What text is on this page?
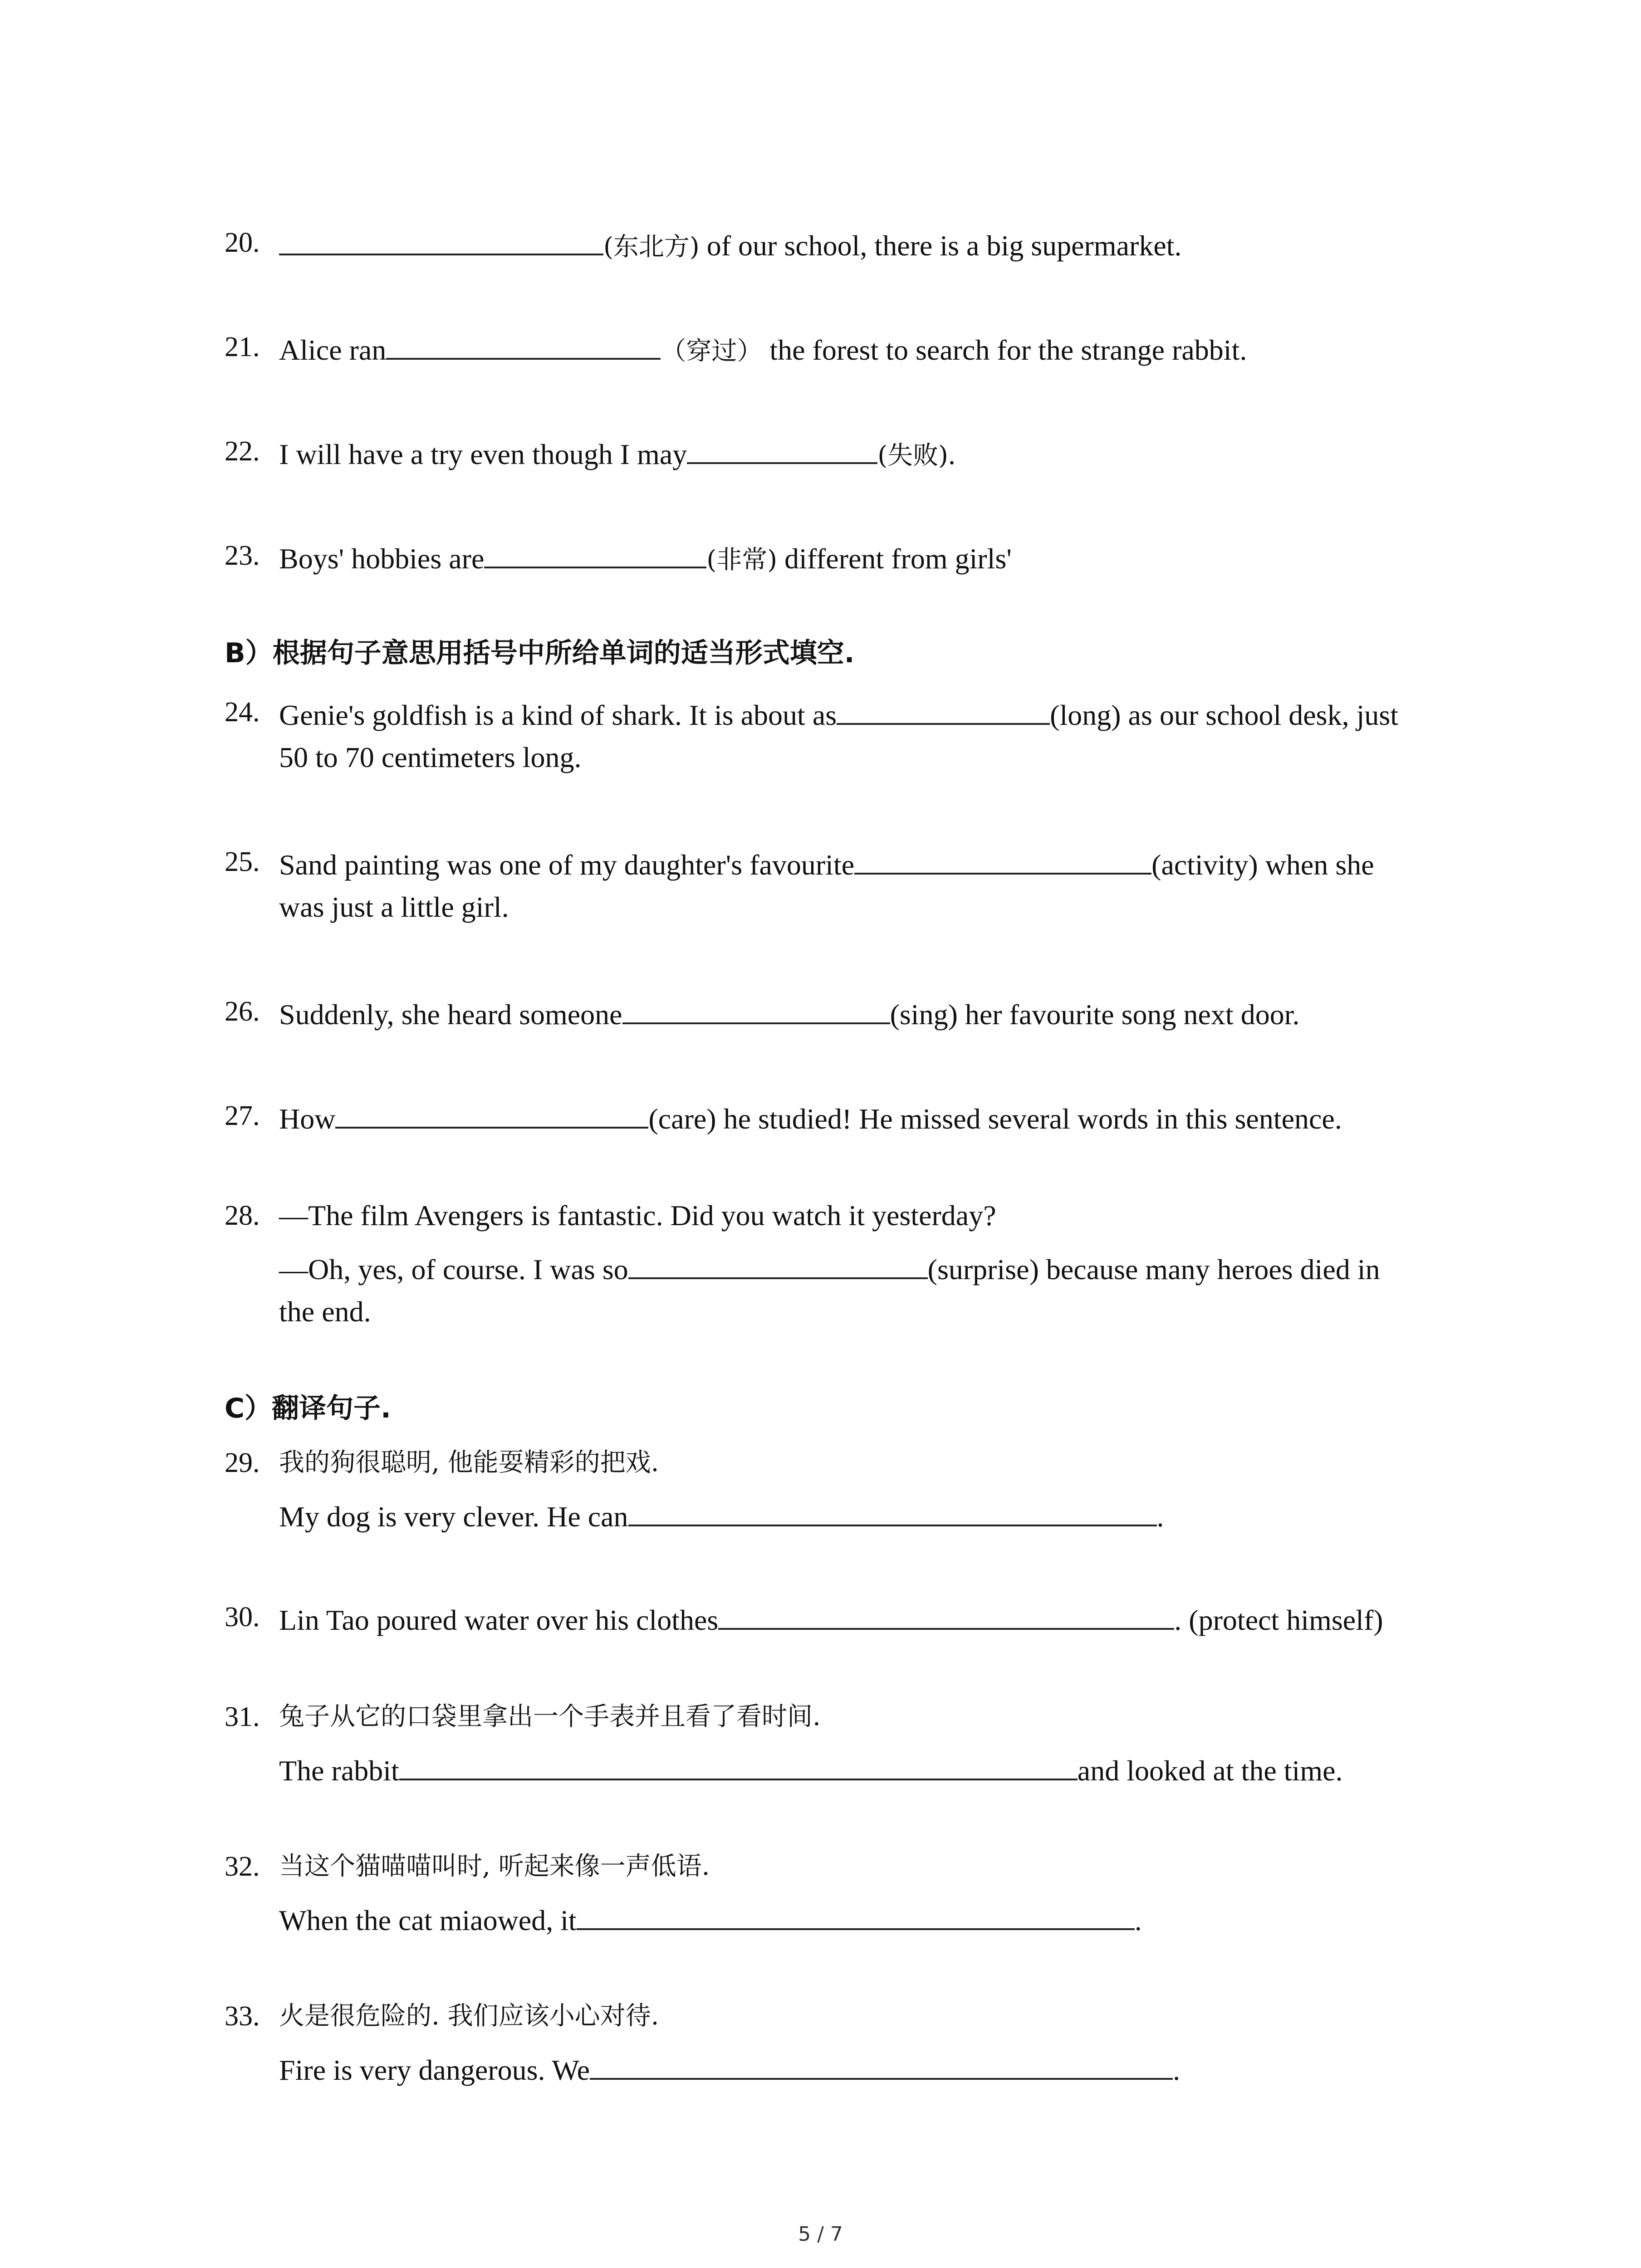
20.	(东北方) of our school, there is a big supermarket.
21. Alice ran	（穿过） the forest to search for the strange rabbit.
22. I will have a try even though I may	(失败).
23. Boys' hobbies are	(非常) different from girls'
B）根据句子意思用括号中所给单词的适当形式填空.
24. Genie's goldfish is a kind of shark. It is about as	(long) as our school desk, just
50 to 70 centimeters long.
25. Sand painting was one of my daughter's favourite	(activity) when she
was just a little girl.
26. Suddenly, she heard someone	(sing) her favourite song next door.
27. How	(care) he studied! He missed several words in this sentence.
28. —The film Avengers is fantastic. Did you watch it yesterday?
—Oh, yes, of course. I was so	(surprise) because many heroes died in
the end.
C）翻译句子.
29. 我的狗很聪明, 他能耍精彩的把戏.
My dog is very clever. He can	.
30. Lin Tao poured water over his clothes	. (protect himself)
31. 兔子从它的口袋里拿出一个手表并且看了看时间.
The rabbit	and looked at the time.
32. 当这个猫喵喵叫时, 听起来像一声低语.
When the cat miaowed, it	.
33. 火是很危险的. 我们应该小心对待.
Fire is very dangerous. We	.
5 / 7
